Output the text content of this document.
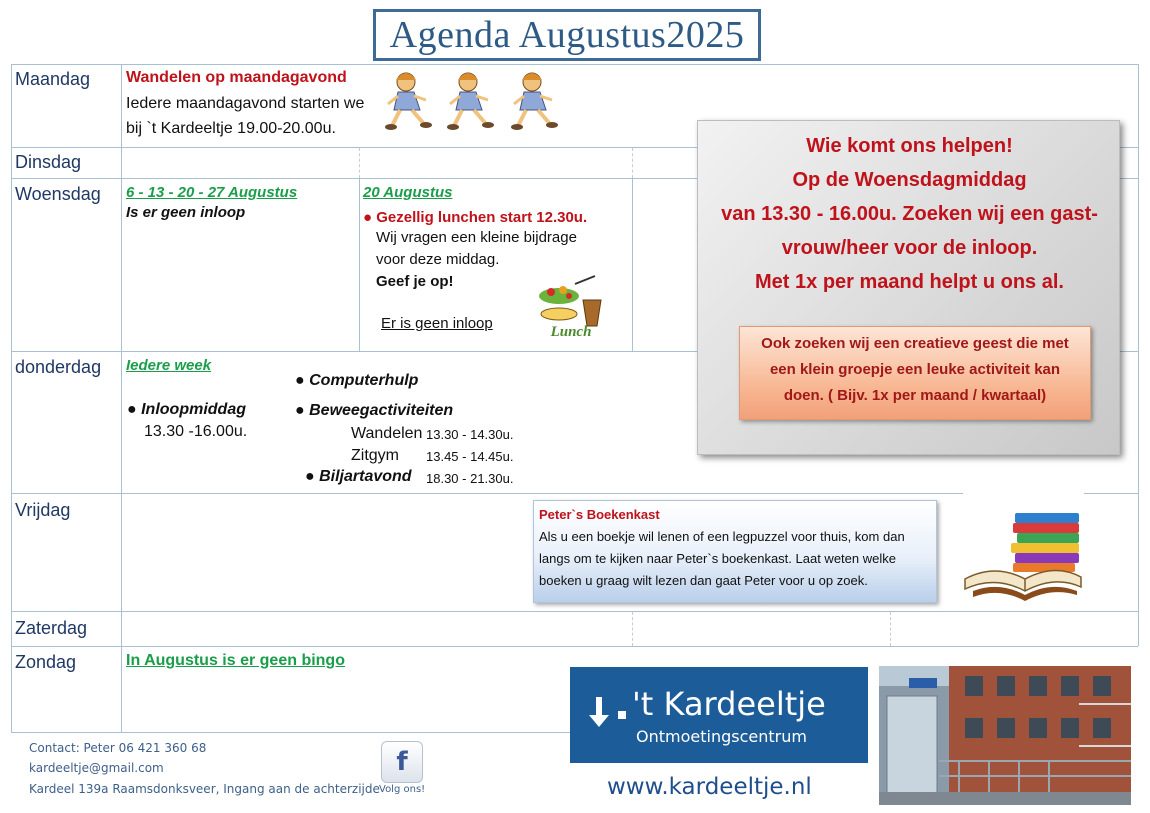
Agenda Augustus2025
Maandag
Dinsdag
Woensdag
donderdag
Vrijdag
Zaterdag
Zondag
Wandelen op maandagavond
Iedere maandagavond starten we
bij `t Kardeeltje 19.00-20.00u.
6 - 13 - 20 - 27 Augustus
Is er geen inloop
20 Augustus
● Gezellig lunchen start 12.30u.
Wij vragen een kleine bijdrage
voor deze middag.
Geef je op!
Er is geen inloop	Lunch
Iedere week
● Inloopmiddag
13.30 -16.00u.
● Computerhulp
● Beweegactiviteiten
Wandelen 13.30 - 14.30u.
Zitgym 13.45 - 14.45u.
● Biljartavond 18.30 - 21.30u.
Wie komt ons helpen!
Op de Woensdagmiddag
van 13.30 - 16.00u. Zoeken wij een gast-
vrouw/heer voor de inloop.
Met 1x per maand helpt u ons al.
Ook zoeken wij een creatieve geest die met
een klein groepje een leuke activiteit kan
doen. ( Bijv. 1x per maand / kwartaal)
Peter`s Boekenkast
Als u een boekje wil lenen of een legpuzzel voor thuis, kom dan
langs om te kijken naar Peter`s boekenkast. Laat weten welke
boeken u graag wilt lezen dan gaat Peter voor u op zoek.
In Augustus is er geen bingo
't Kardeeltje
Ontmoetingscentrum
Contact: Peter 06 421 360 68
kardeeltje@gmail.com
Kardeel 139a Raamsdonksveer, Ingang aan de achterzijde
f
Volg ons!	www.kardeeltje.nl
